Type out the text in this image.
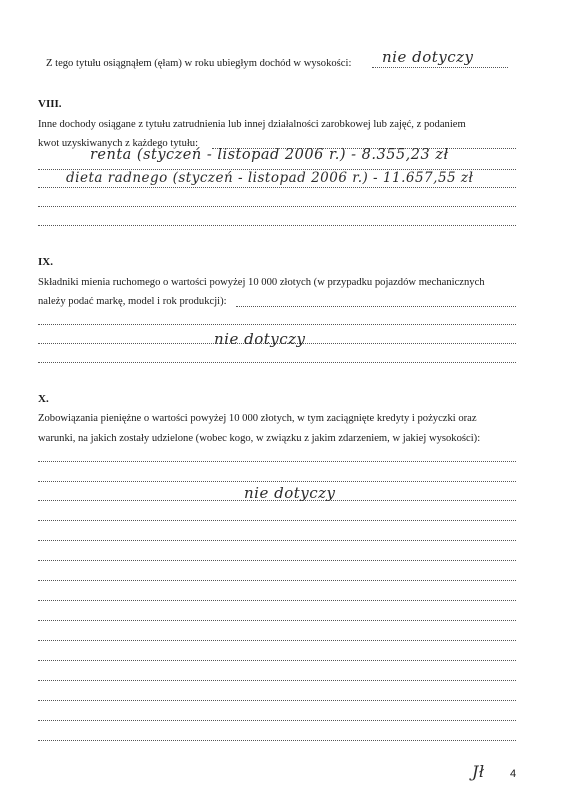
Z tego tytułu osiągnąłem (ęłam) w roku ubiegłym dochód w wysokości: nie dotyczy
VIII.
Inne dochody osiągane z tytułu zatrudnienia lub innej działalności zarobkowej lub zajęć, z podaniem
kwot uzyskiwanych z każdego tytułu:
renta (styczeń - listopad 2006 r.) - 8.355,23 zł
dieta radnego (styczeń - listopad 2006 r.) - 11.657,55 zł
IX.
Składniki mienia ruchomego o wartości powyżej 10 000 złotych (w przypadku pojazdów mechanicznych
należy podać markę, model i rok produkcji):
nie dotyczy
X.
Zobowiązania pieniężne o wartości powyżej 10 000 złotych, w tym zaciągnięte kredyty i pożyczki oraz
warunki, na jakich zostały udzielone (wobec kogo, w związku z jakim zdarzeniem, w jakiej wysokości):
nie dotyczy
Jł 4
